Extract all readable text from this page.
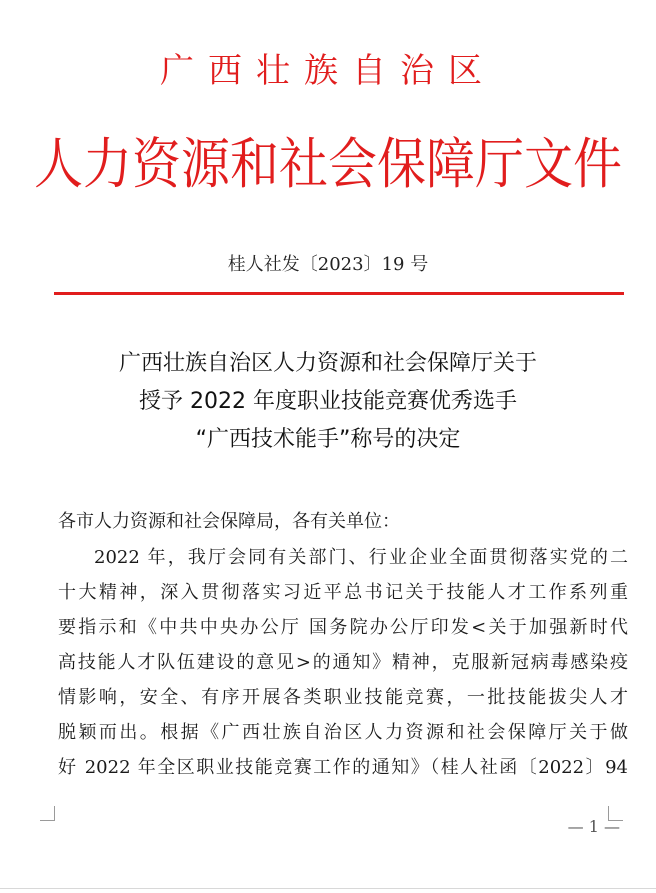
广西壮族自治区
人力资源和社会保障厅文件
桂人社发〔2023〕19 号
广西壮族自治区人力资源和社会保障厅关于
授予 2022 年度职业技能竞赛优秀选手
“广西技术能手”称号的决定
各市人力资源和社会保障局，各有关单位：
2022 年，我厅会同有关部门、行业企业全面贯彻落实党的二
十大精神，深入贯彻落实习近平总书记关于技能人才工作系列重
要指示和《中共中央办公厅 国务院办公厅印发<关于加强新时代
高技能人才队伍建设的意见>的通知》精神，克服新冠病毒感染疫
情影响，安全、有序开展各类职业技能竞赛，一批技能拔尖人才
脱颖而出。根据《广西壮族自治区人力资源和社会保障厅关于做
好 2022 年全区职业技能竞赛工作的通知》（桂人社函〔2022〕94
— 1 —
